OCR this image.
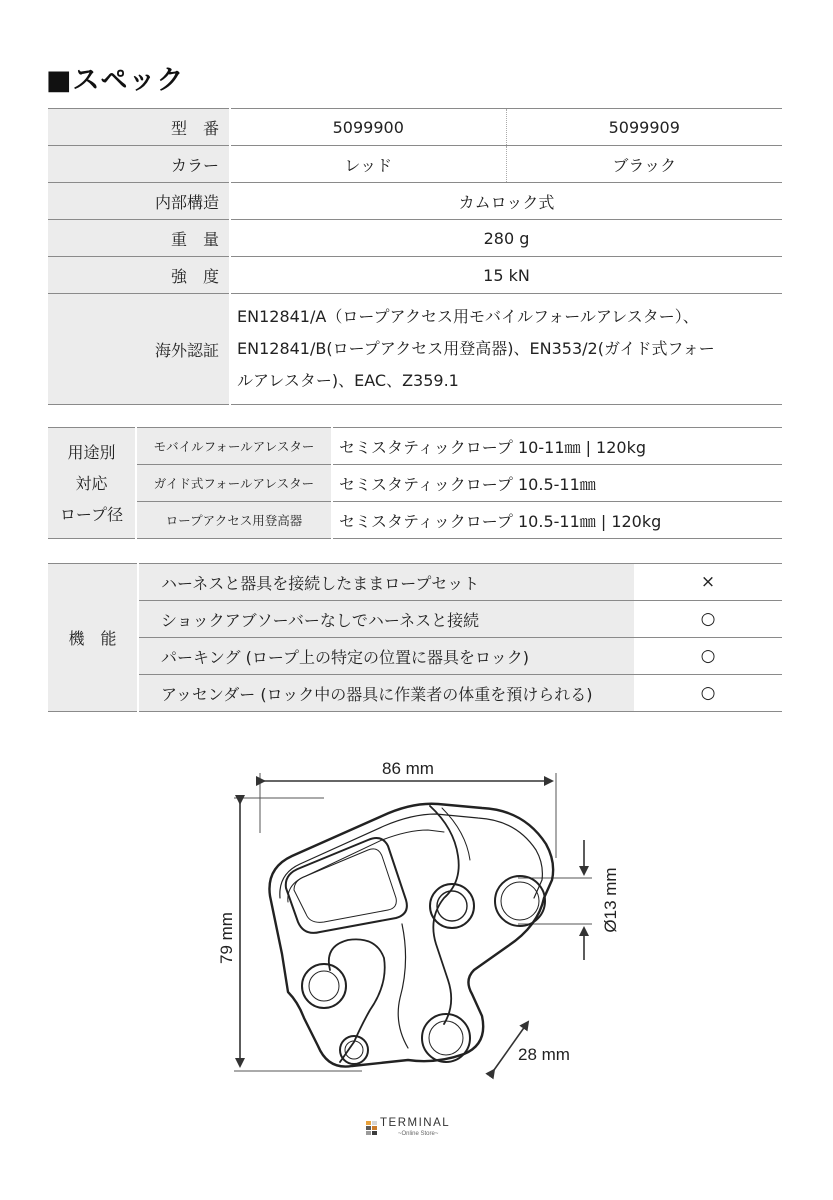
■スペック
型　番	5099900	5099909
カラー	レッド	ブラック
内部構造	カムロック式	
重　量	280 g	
強　度	15 kN	
海外認証	EN12841/A（ロープアクセス用モバイルフォールアレスター）、
EN12841/B(ロープアクセス用登高器)、EN353/2(ガイド式フォー
ルアレスター)、EAC、Z359.1	
用途別
対応
ロープ径	モバイルフォールアレスター	セミスタティックロープ 10-11㎜ | 120kg
	ガイド式フォールアレスター	セミスタティックロープ 10.5-11㎜
	ロープアクセス用登高器	セミスタティックロープ 10.5-11㎜ | 120kg
機　能	ハーネスと器具を接続したままロープセット	×
	ショックアブソーバーなしでハーネスと接続	○
	パーキング (ロープ上の特定の位置に器具をロック)	○
	アッセンダー (ロック中の器具に作業者の体重を預けられる)	○
86 mm
79 mm
Ø13 mm
28 mm
TERMINAL
~Online Store~
